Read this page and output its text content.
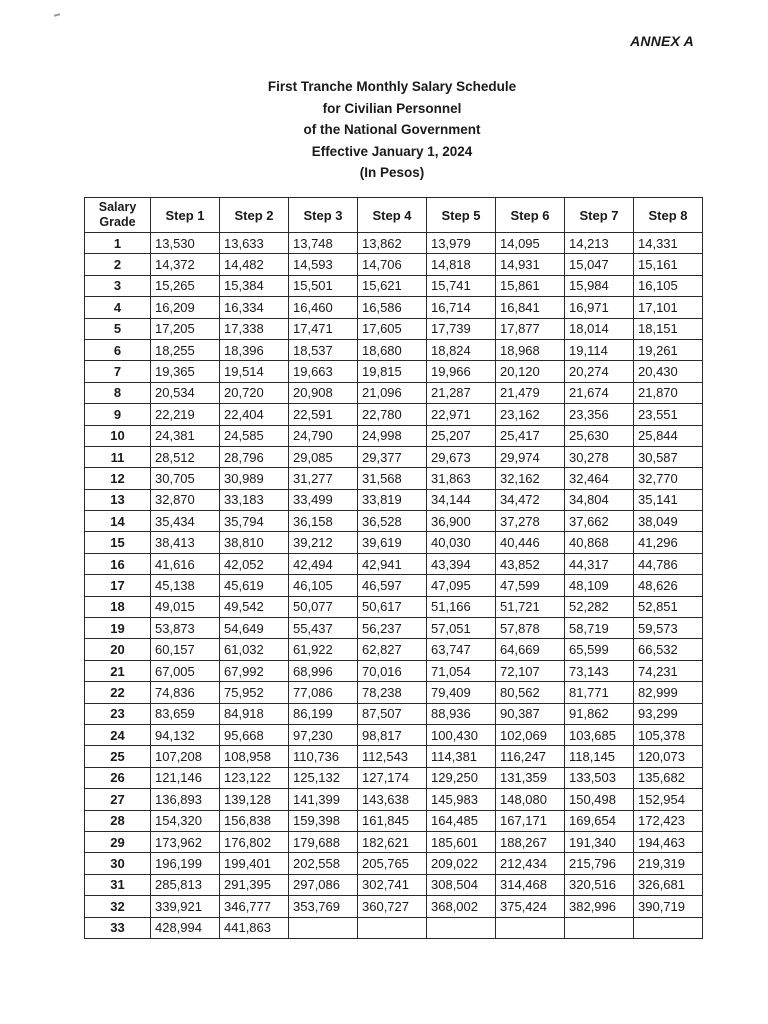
ANNEX A
First Tranche Monthly Salary Schedule
for Civilian Personnel
of the National Government
Effective January 1, 2024
(In Pesos)
Salary
Grade	Step 1	Step 2	Step 3	Step 4	Step 5	Step 6	Step 7	Step 8
1	13,530	13,633	13,748	13,862	13,979	14,095	14,213	14,331
2	14,372	14,482	14,593	14,706	14,818	14,931	15,047	15,161
3	15,265	15,384	15,501	15,621	15,741	15,861	15,984	16,105
4	16,209	16,334	16,460	16,586	16,714	16,841	16,971	17,101
5	17,205	17,338	17,471	17,605	17,739	17,877	18,014	18,151
6	18,255	18,396	18,537	18,680	18,824	18,968	19,114	19,261
7	19,365	19,514	19,663	19,815	19,966	20,120	20,274	20,430
8	20,534	20,720	20,908	21,096	21,287	21,479	21,674	21,870
9	22,219	22,404	22,591	22,780	22,971	23,162	23,356	23,551
10	24,381	24,585	24,790	24,998	25,207	25,417	25,630	25,844
11	28,512	28,796	29,085	29,377	29,673	29,974	30,278	30,587
12	30,705	30,989	31,277	31,568	31,863	32,162	32,464	32,770
13	32,870	33,183	33,499	33,819	34,144	34,472	34,804	35,141
14	35,434	35,794	36,158	36,528	36,900	37,278	37,662	38,049
15	38,413	38,810	39,212	39,619	40,030	40,446	40,868	41,296
16	41,616	42,052	42,494	42,941	43,394	43,852	44,317	44,786
17	45,138	45,619	46,105	46,597	47,095	47,599	48,109	48,626
18	49,015	49,542	50,077	50,617	51,166	51,721	52,282	52,851
19	53,873	54,649	55,437	56,237	57,051	57,878	58,719	59,573
20	60,157	61,032	61,922	62,827	63,747	64,669	65,599	66,532
21	67,005	67,992	68,996	70,016	71,054	72,107	73,143	74,231
22	74,836	75,952	77,086	78,238	79,409	80,562	81,771	82,999
23	83,659	84,918	86,199	87,507	88,936	90,387	91,862	93,299
24	94,132	95,668	97,230	98,817	100,430	102,069	103,685	105,378
25	107,208	108,958	110,736	112,543	114,381	116,247	118,145	120,073
26	121,146	123,122	125,132	127,174	129,250	131,359	133,503	135,682
27	136,893	139,128	141,399	143,638	145,983	148,080	150,498	152,954
28	154,320	156,838	159,398	161,845	164,485	167,171	169,654	172,423
29	173,962	176,802	179,688	182,621	185,601	188,267	191,340	194,463
30	196,199	199,401	202,558	205,765	209,022	212,434	215,796	219,319
31	285,813	291,395	297,086	302,741	308,504	314,468	320,516	326,681
32	339,921	346,777	353,769	360,727	368,002	375,424	382,996	390,719
33	428,994	441,863						
